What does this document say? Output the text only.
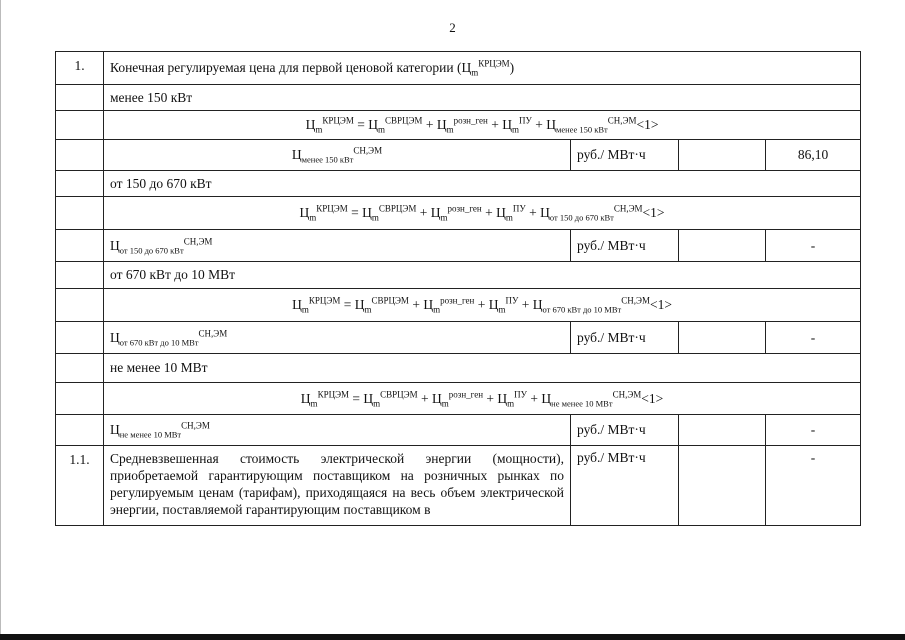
2
1.	Конечная регулируемая цена для первой ценовой категории $(Ц_m^{КРЦЭМ})$			
	менее 150 кВт			
	$Ц_m^{КРЦЭМ} = Ц_m^{СВРЦЭМ} + Ц_m^{розн\_ген} + Ц_m^{ПУ} + Ц_{менее 150 кВт}^{СН,ЭМ}<1>$			
	$Ц_{менее 150 кВт}^{СН,ЭМ}$	руб./ МВт·ч		86,10
	от 150 до 670 кВт			
	$Ц_m^{КРЦЭМ} = Ц_m^{СВРЦЭМ} + Ц_m^{розн\_ген} + Ц_m^{ПУ} + Ц_{от 150 до 670 кВт}^{СН,ЭМ}<1>$			
	$Ц_{от 150 до 670 кВт}^{СН,ЭМ}$	руб./ МВт·ч		-
	от 670 кВт до 10 МВт			
	$Ц_m^{КРЦЭМ} = Ц_m^{СВРЦЭМ} + Ц_m^{розн\_ген} + Ц_m^{ПУ} + Ц_{от 670 кВт до 10 МВт}^{СН,ЭМ}<1>$			
	$Ц_{от 670 кВт до 10 МВт}^{СН,ЭМ}$	руб./ МВт·ч		-
	не менее 10 МВт			
	$Ц_m^{КРЦЭМ} = Ц_m^{СВРЦЭМ} + Ц_m^{розн\_ген} + Ц_m^{ПУ} + Ц_{не менее 10 МВт}^{СН,ЭМ}<1>$			
	$Ц_{не менее 10 МВт}^{СН,ЭМ}$	руб./ МВт·ч		-
1.1.	Средневзвешенная стоимость электрической энергии (мощности), приобретаемой гарантирующим поставщиком на розничных рынках по регулируемым ценам (тарифам), приходящаяся на весь объем электрической энергии, поставляемой гарантирующим поставщиком в	руб./ МВт·ч		-
